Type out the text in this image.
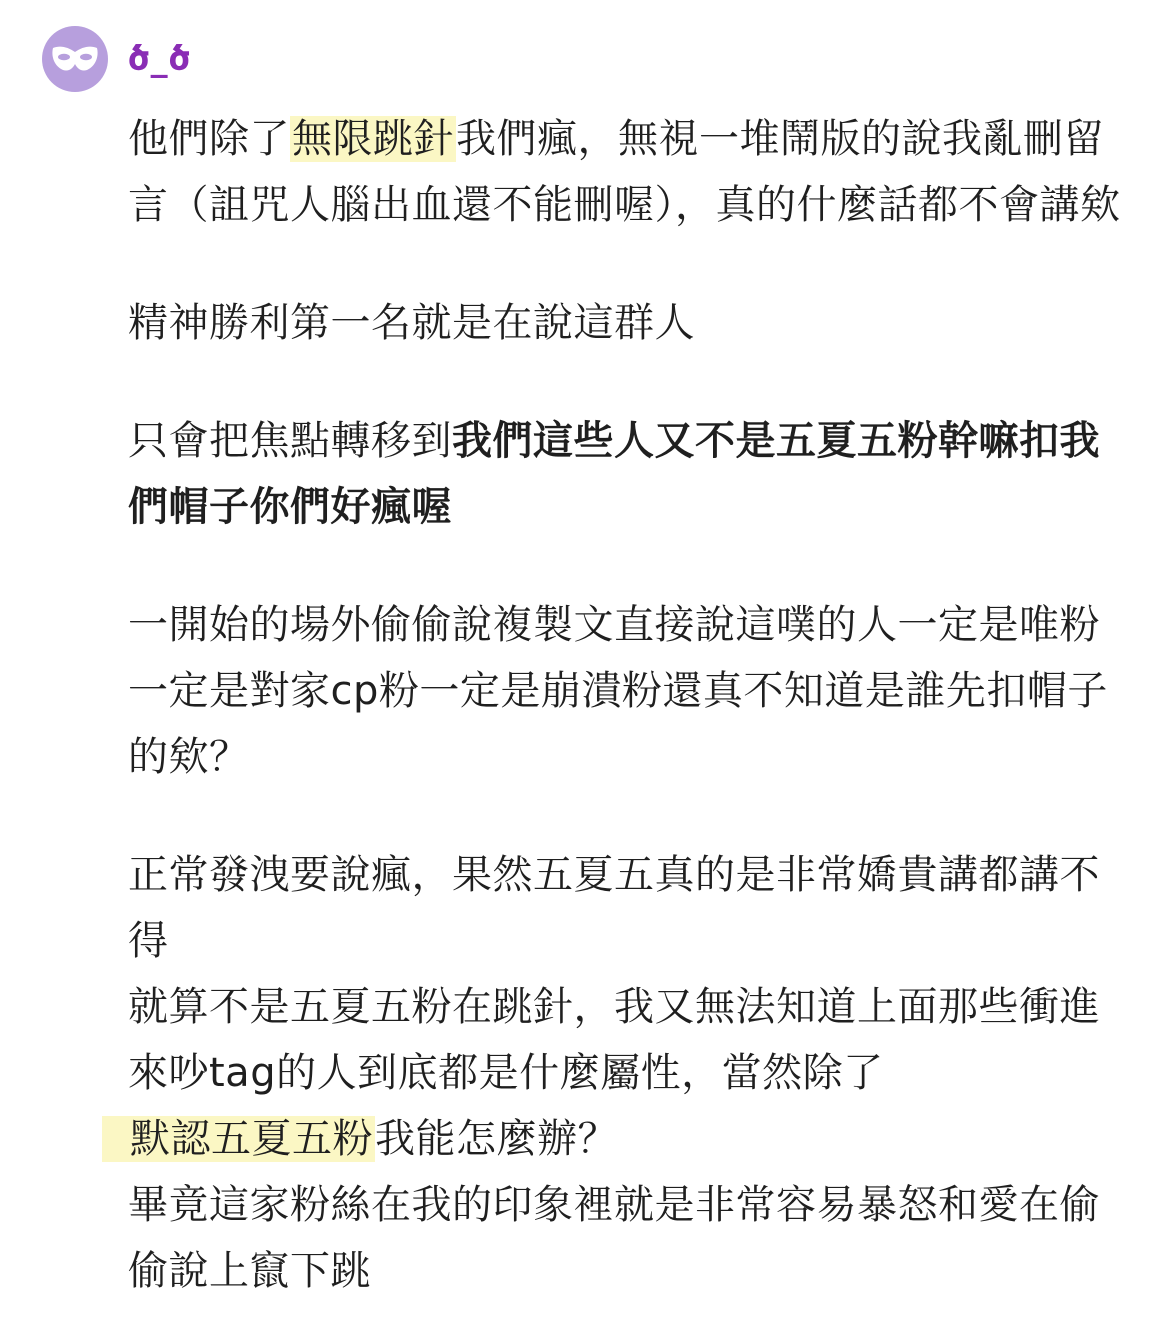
ծ_ծ

他們除了無限跳針我們瘋，無視一堆鬧版的說我亂刪留言（詛咒人腦出血還不能刪喔），真的什麼話都不會講欸

精神勝利第一名就是在說這群人

只會把焦點轉移到我們這些人又不是五夏五粉幹嘛扣我們帽子你們好瘋喔

一開始的場外偷偷說複製文直接說這噗的人一定是唯粉一定是對家cp粉一定是崩潰粉還真不知道是誰先扣帽子的欸？

正常發洩要說瘋，果然五夏五真的是非常嬌貴講都講不得

就算不是五夏五粉在跳針，我又無法知道上面那些衝進來吵tag的人到底都是什麼屬性，當然除了

默認五夏五粉我能怎麼辦？

畢竟這家粉絲在我的印象裡就是非常容易暴怒和愛在偷偷說上竄下跳
